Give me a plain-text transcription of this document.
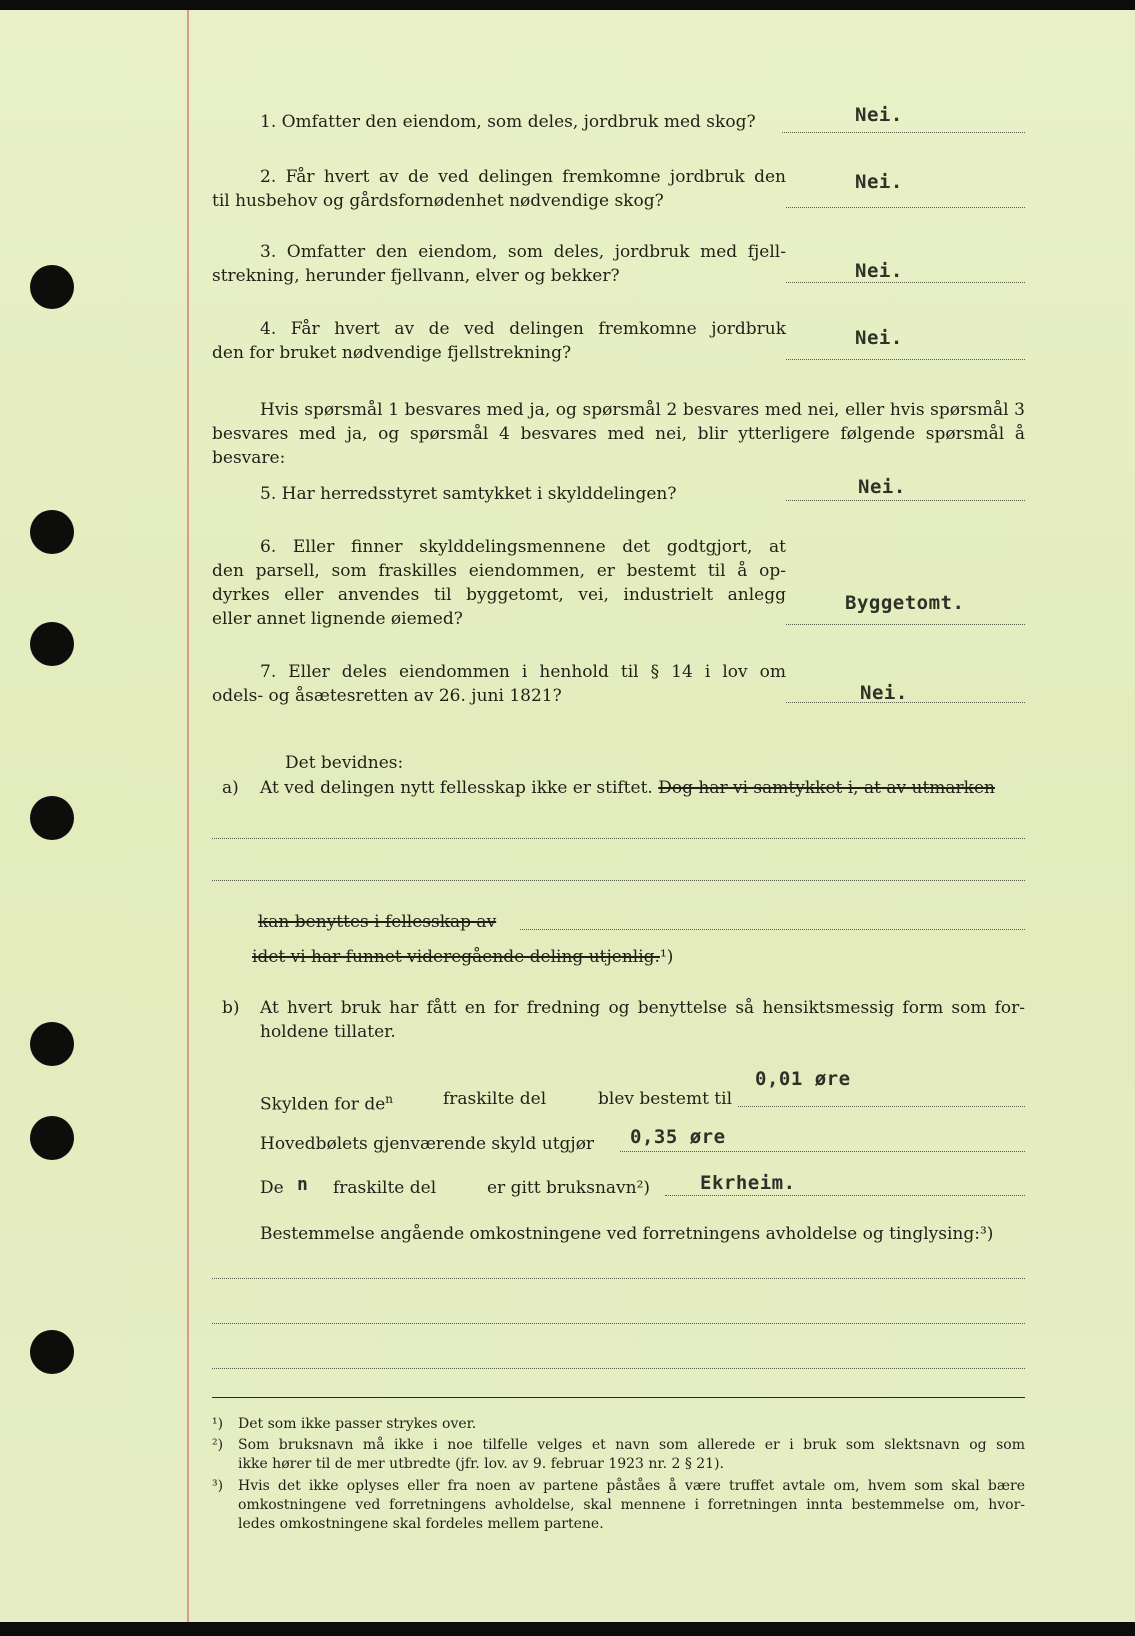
1. Omfatter den eiendom, som deles, jordbruk med skog?	Nei.
2. Får hvert av de ved delingen fremkomne jordbruk den
til husbehov og gårdsfornødenhet nødvendige skog?
Nei.
3. Omfatter den eiendom, som deles, jordbruk med fjell-
strekning, herunder fjellvann, elver og bekker?	Nei.
4. Får hvert av de ved delingen fremkomne jordbruk
den for bruket nødvendige fjellstrekning?
Nei.
Hvis spørsmål 1 besvares med ja, og spørsmål 2 besvares med nei, eller hvis spørsmål 3
besvares med ja, og spørsmål 4 besvares med nei, blir ytterligere følgende spørsmål å besvare:
5. Har herredsstyret samtykket i skylddelingen?	Nei.
6. Eller finner skylddelingsmennene det godtgjort, at
den parsell, som fraskilles eiendommen, er bestemt til å op-
dyrkes eller anvendes til byggetomt, vei, industrielt anlegg
eller annet lignende øiemed?
Byggetomt.
7. Eller deles eiendommen i henhold til § 14 i lov om
odels- og åsætesretten av 26. juni 1821?	Nei.
Det bevidnes:
a) At ved delingen nytt fellesskap ikke er stiftet. Dog har vi samtykket i, at av utmarken
kan benyttes i fellesskap av
idet vi har funnet videregående deling utjenlig.¹)
b) At hvert bruk har fått en for fredning og benyttelse så hensiktsmessig form som for-
holdene tillater.
Skylden for $de^n$	fraskilte del	blev bestemt til
0,01 øre
Hovedbølets gjenværende skyld utgjør 0,35 øre
De n fraskilte del	er gitt bruksnavn²)	Ekrheim.
Bestemmelse angående omkostningene ved forretningens avholdelse og tinglysing:³)
¹) Det som ikke passer strykes over.
²) Som bruksnavn må ikke i noe tilfelle velges et navn som allerede er i bruk som slektsnavn og som
ikke hører til de mer utbredte (jfr. lov. av 9. februar 1923 nr. 2 § 21).
³) Hvis det ikke oplyses eller fra noen av partene påståes å være truffet avtale om, hvem som skal bære
omkostningene ved forretningens avholdelse, skal mennene i forretningen innta bestemmelse om, hvor-
ledes omkostningene skal fordeles mellem partene.
